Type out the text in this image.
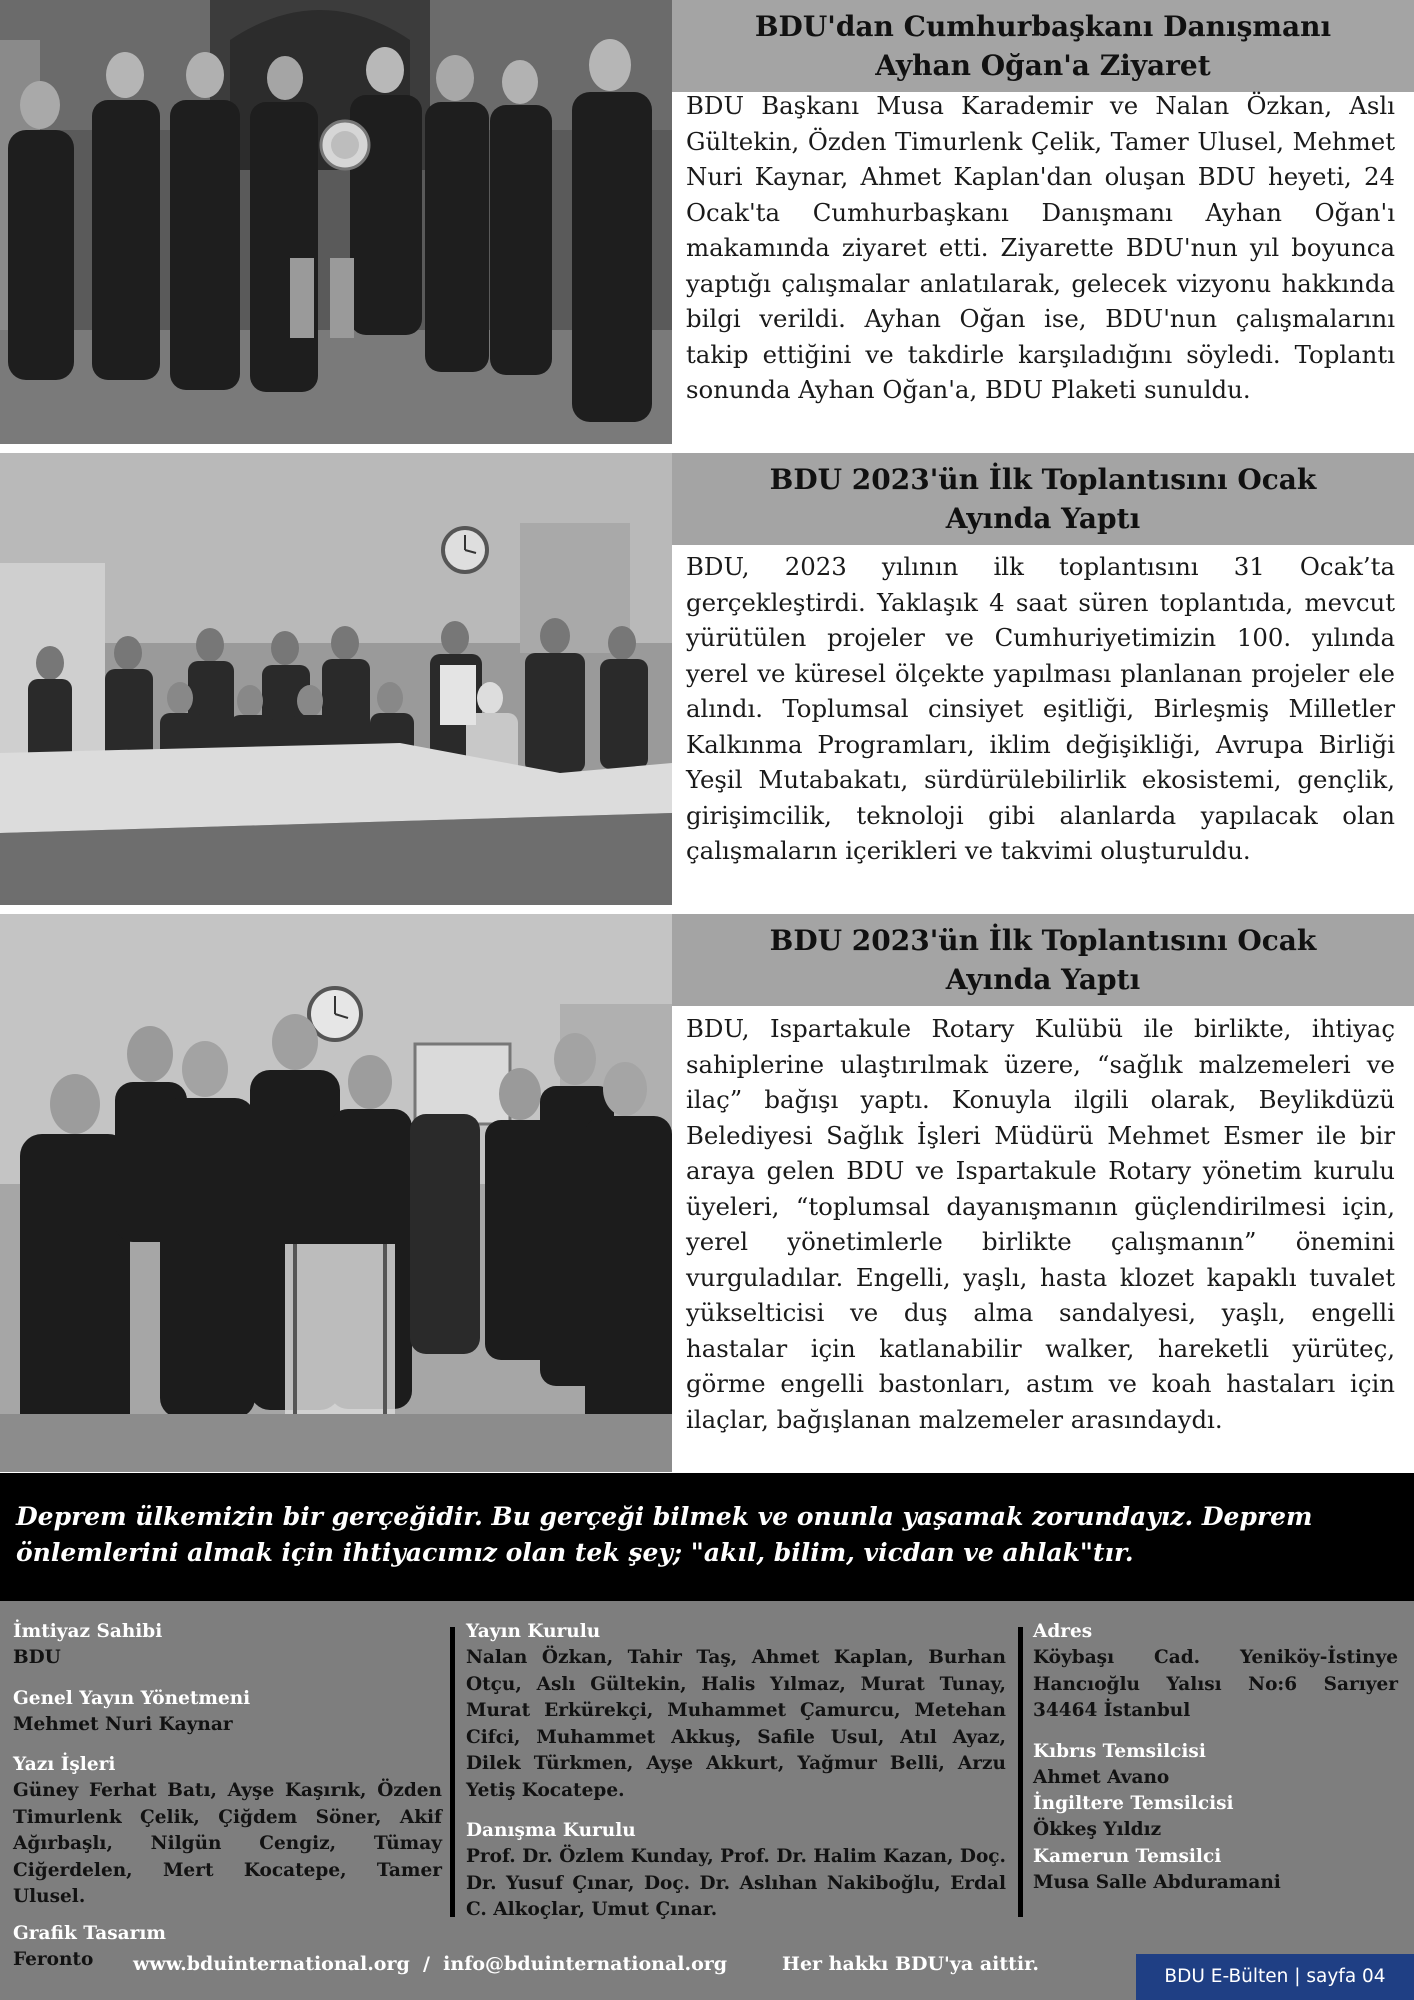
BDU'dan Cumhurbaşkanı Danışmanı
Ayhan Oğan'a Ziyaret
BDU Başkanı Musa Karademir ve Nalan Özkan, Aslı Gültekin, Özden Timurlenk Çelik, Tamer Ulusel, Mehmet Nuri Kaynar, Ahmet Kaplan'dan oluşan BDU heyeti, 24 Ocak'ta Cumhurbaşkanı Danışmanı Ayhan Oğan'ı makamında ziyaret etti. Ziyarette BDU'nun yıl boyunca yaptığı çalışmalar anlatılarak, gelecek vizyonu hakkında bilgi verildi. Ayhan Oğan ise, BDU'nun çalışmalarını takip ettiğini ve takdirle karşıladığını söyledi. Toplantı sonunda Ayhan Oğan'a, BDU Plaketi sunuldu.
BDU 2023'ün İlk Toplantısını Ocak
Ayında Yaptı
BDU, 2023 yılının ilk toplantısını 31 Ocak’ta gerçekleştirdi. Yaklaşık 4 saat süren toplantıda, mevcut yürütülen projeler ve Cumhuriyetimizin 100. yılında yerel ve küresel ölçekte yapılması planlanan projeler ele alındı. Toplumsal cinsiyet eşitliği, Birleşmiş Milletler Kalkınma Programları, iklim değişikliği, Avrupa Birliği Yeşil Mutabakatı, sürdürülebilirlik ekosistemi, gençlik, girişimcilik, teknoloji gibi alanlarda yapılacak olan çalışmaların içerikleri ve takvimi oluşturuldu.
BDU 2023'ün İlk Toplantısını Ocak
Ayında Yaptı
BDU, Ispartakule Rotary Kulübü ile birlikte, ihtiyaç sahiplerine ulaştırılmak üzere, “sağlık malzemeleri ve ilaç” bağışı yaptı. Konuyla ilgili olarak, Beylikdüzü Belediyesi Sağlık İşleri Müdürü Mehmet Esmer ile bir araya gelen BDU ve Ispartakule Rotary yönetim kurulu üyeleri, “toplumsal dayanışmanın güçlendirilmesi için, yerel yönetimlerle birlikte çalışmanın” önemini vurguladılar. Engelli, yaşlı, hasta klozet kapaklı tuvalet yükselticisi ve duş alma sandalyesi, yaşlı, engelli hastalar için katlanabilir walker, hareketli yürüteç, görme engelli bastonları, astım ve koah hastaları için ilaçlar, bağışlanan malzemeler arasındaydı.

Deprem ülkemizin bir gerçeğidir. Bu gerçeği bilmek ve onunla yaşamak zorundayız. Deprem
önlemlerini almak için ihtiyacımız olan tek şey; "akıl, bilim, vicdan ve ahlak"tır.

İmtiyaz Sahibi
BDU
Genel Yayın Yönetmeni
Mehmet Nuri Kaynar
Yazı İşleri
Güney Ferhat Batı, Ayşe Kaşırık, Özden Timurlenk Çelik, Çiğdem Söner, Akif Ağırbaşlı, Nilgün Cengiz, Tümay Ciğerdelen, Mert Kocatepe, Tamer Ulusel.
Grafik Tasarım
Feronto
Yayın Kurulu
Nalan Özkan, Tahir Taş, Ahmet Kaplan, Burhan Otçu, Aslı Gültekin, Halis Yılmaz, Murat Tunay, Murat Erkürekçi, Muhammet Çamurcu, Metehan Cifci, Muhammet Akkuş, Safile Usul, Atıl Ayaz, Dilek Türkmen, Ayşe Akkurt, Yağmur Belli, Arzu Yetiş Kocatepe.
Danışma Kurulu
Prof. Dr. Özlem Kunday, Prof. Dr. Halim Kazan, Doç. Dr. Yusuf Çınar, Doç. Dr. Aslıhan Nakiboğlu, Erdal C. Alkoçlar, Umut Çınar.
Adres
Köybaşı Cad. Yeniköy-İstinye Hancıoğlu Yalısı No:6 Sarıyer 34464 İstanbul
Kıbrıs Temsilcisi
Ahmet Avano
İngiltere Temsilcisi
Ökkeş Yıldız
Kamerun Temsilci
Musa Salle Abduramani
www.bduinternational.org  /  info@bduinternational.org	Her hakkı BDU'ya aittir.
BDU E-Bülten | sayfa 04
